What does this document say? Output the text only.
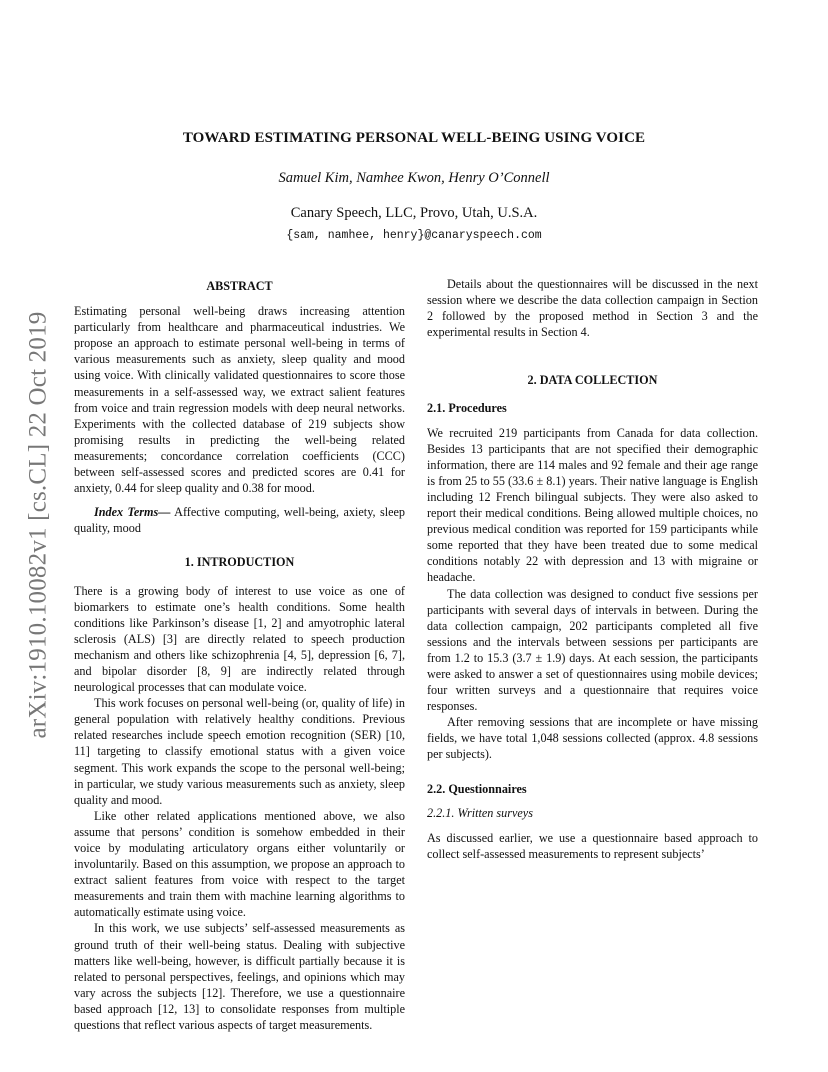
arXiv:1910.10082v1 [cs.CL] 22 Oct 2019
TOWARD ESTIMATING PERSONAL WELL-BEING USING VOICE
Samuel Kim, Namhee Kwon, Henry O’Connell
Canary Speech, LLC, Provo, Utah, U.S.A.
{sam, namhee, henry}@canaryspeech.com
ABSTRACT

Estimating personal well-being draws increasing attention particularly from healthcare and pharmaceutical industries. We propose an approach to estimate personal well-being in terms of various measurements such as anxiety, sleep quality and mood using voice. With clinically validated questionnaires to score those measurements in a self-assessed way, we extract salient features from voice and train regression models with deep neural networks. Experiments with the collected database of 219 subjects show promising results in predicting the well-being related measurements; concordance correlation coefficients (CCC) between self-assessed scores and predicted scores are 0.41 for anxiety, 0.44 for sleep quality and 0.38 for mood.

Index Terms— Affective computing, well-being, axiety, sleep quality, mood

1. INTRODUCTION

There is a growing body of interest to use voice as one of biomarkers to estimate one’s health conditions. Some health conditions like Parkinson’s disease [1, 2] and amyotrophic lateral sclerosis (ALS) [3] are directly related to speech production mechanism and others like schizophrenia [4, 5], depression [6, 7], and bipolar disorder [8, 9] are indirectly related through neurological processes that can modulate voice.

This work focuses on personal well-being (or, quality of life) in general population with relatively healthy conditions. Previous related researches include speech emotion recognition (SER) [10, 11] targeting to classify emotional status with a given voice segment. This work expands the scope to the personal well-being; in particular, we study various measurements such as anxiety, sleep quality and mood.

Like other related applications mentioned above, we also assume that persons’ condition is somehow embedded in their voice by modulating articulatory organs either voluntarily or involuntarily. Based on this assumption, we propose an approach to extract salient features from voice with respect to the target measurements and train them with machine learning algorithms to automatically estimate using voice.

In this work, we use subjects’ self-assessed measurements as ground truth of their well-being status. Dealing with subjective matters like well-being, however, is difficult partially because it is related to personal perspectives, feelings, and opinions which may vary across the subjects [12]. Therefore, we use a questionnaire based approach [12, 13] to consolidate responses from multiple questions that reflect various aspects of target measurements.

Details about the questionnaires will be discussed in the next session where we describe the data collection campaign in Section 2 followed by the proposed method in Section 3 and the experimental results in Section 4.

2. DATA COLLECTION
2.1. Procedures

We recruited 219 participants from Canada for data collection. Besides 13 participants that are not specified their demographic information, there are 114 males and 92 female and their age range is from 25 to 55 (33.6 ± 8.1) years. Their native language is English including 12 French bilingual subjects. They were also asked to report their medical conditions. Being allowed multiple choices, no previous medical condition was reported for 159 participants while some reported that they have been treated due to some medical conditions notably 22 with depression and 13 with migraine or headache.

The data collection was designed to conduct five sessions per participants with several days of intervals in between. During the data collection campaign, 202 participants completed all five sessions and the intervals between sessions per participants are from 1.2 to 15.3 (3.7 ± 1.9) days. At each session, the participants were asked to answer a set of questionnaires using mobile devices; four written surveys and a questionnaire that requires voice responses.

After removing sessions that are incomplete or have missing fields, we have total 1,048 sessions collected (approx. 4.8 sessions per subjects).

2.2. Questionnaires
2.2.1. Written surveys

As discussed earlier, we use a questionnaire based approach to collect self-assessed measurements to represent subjects’
